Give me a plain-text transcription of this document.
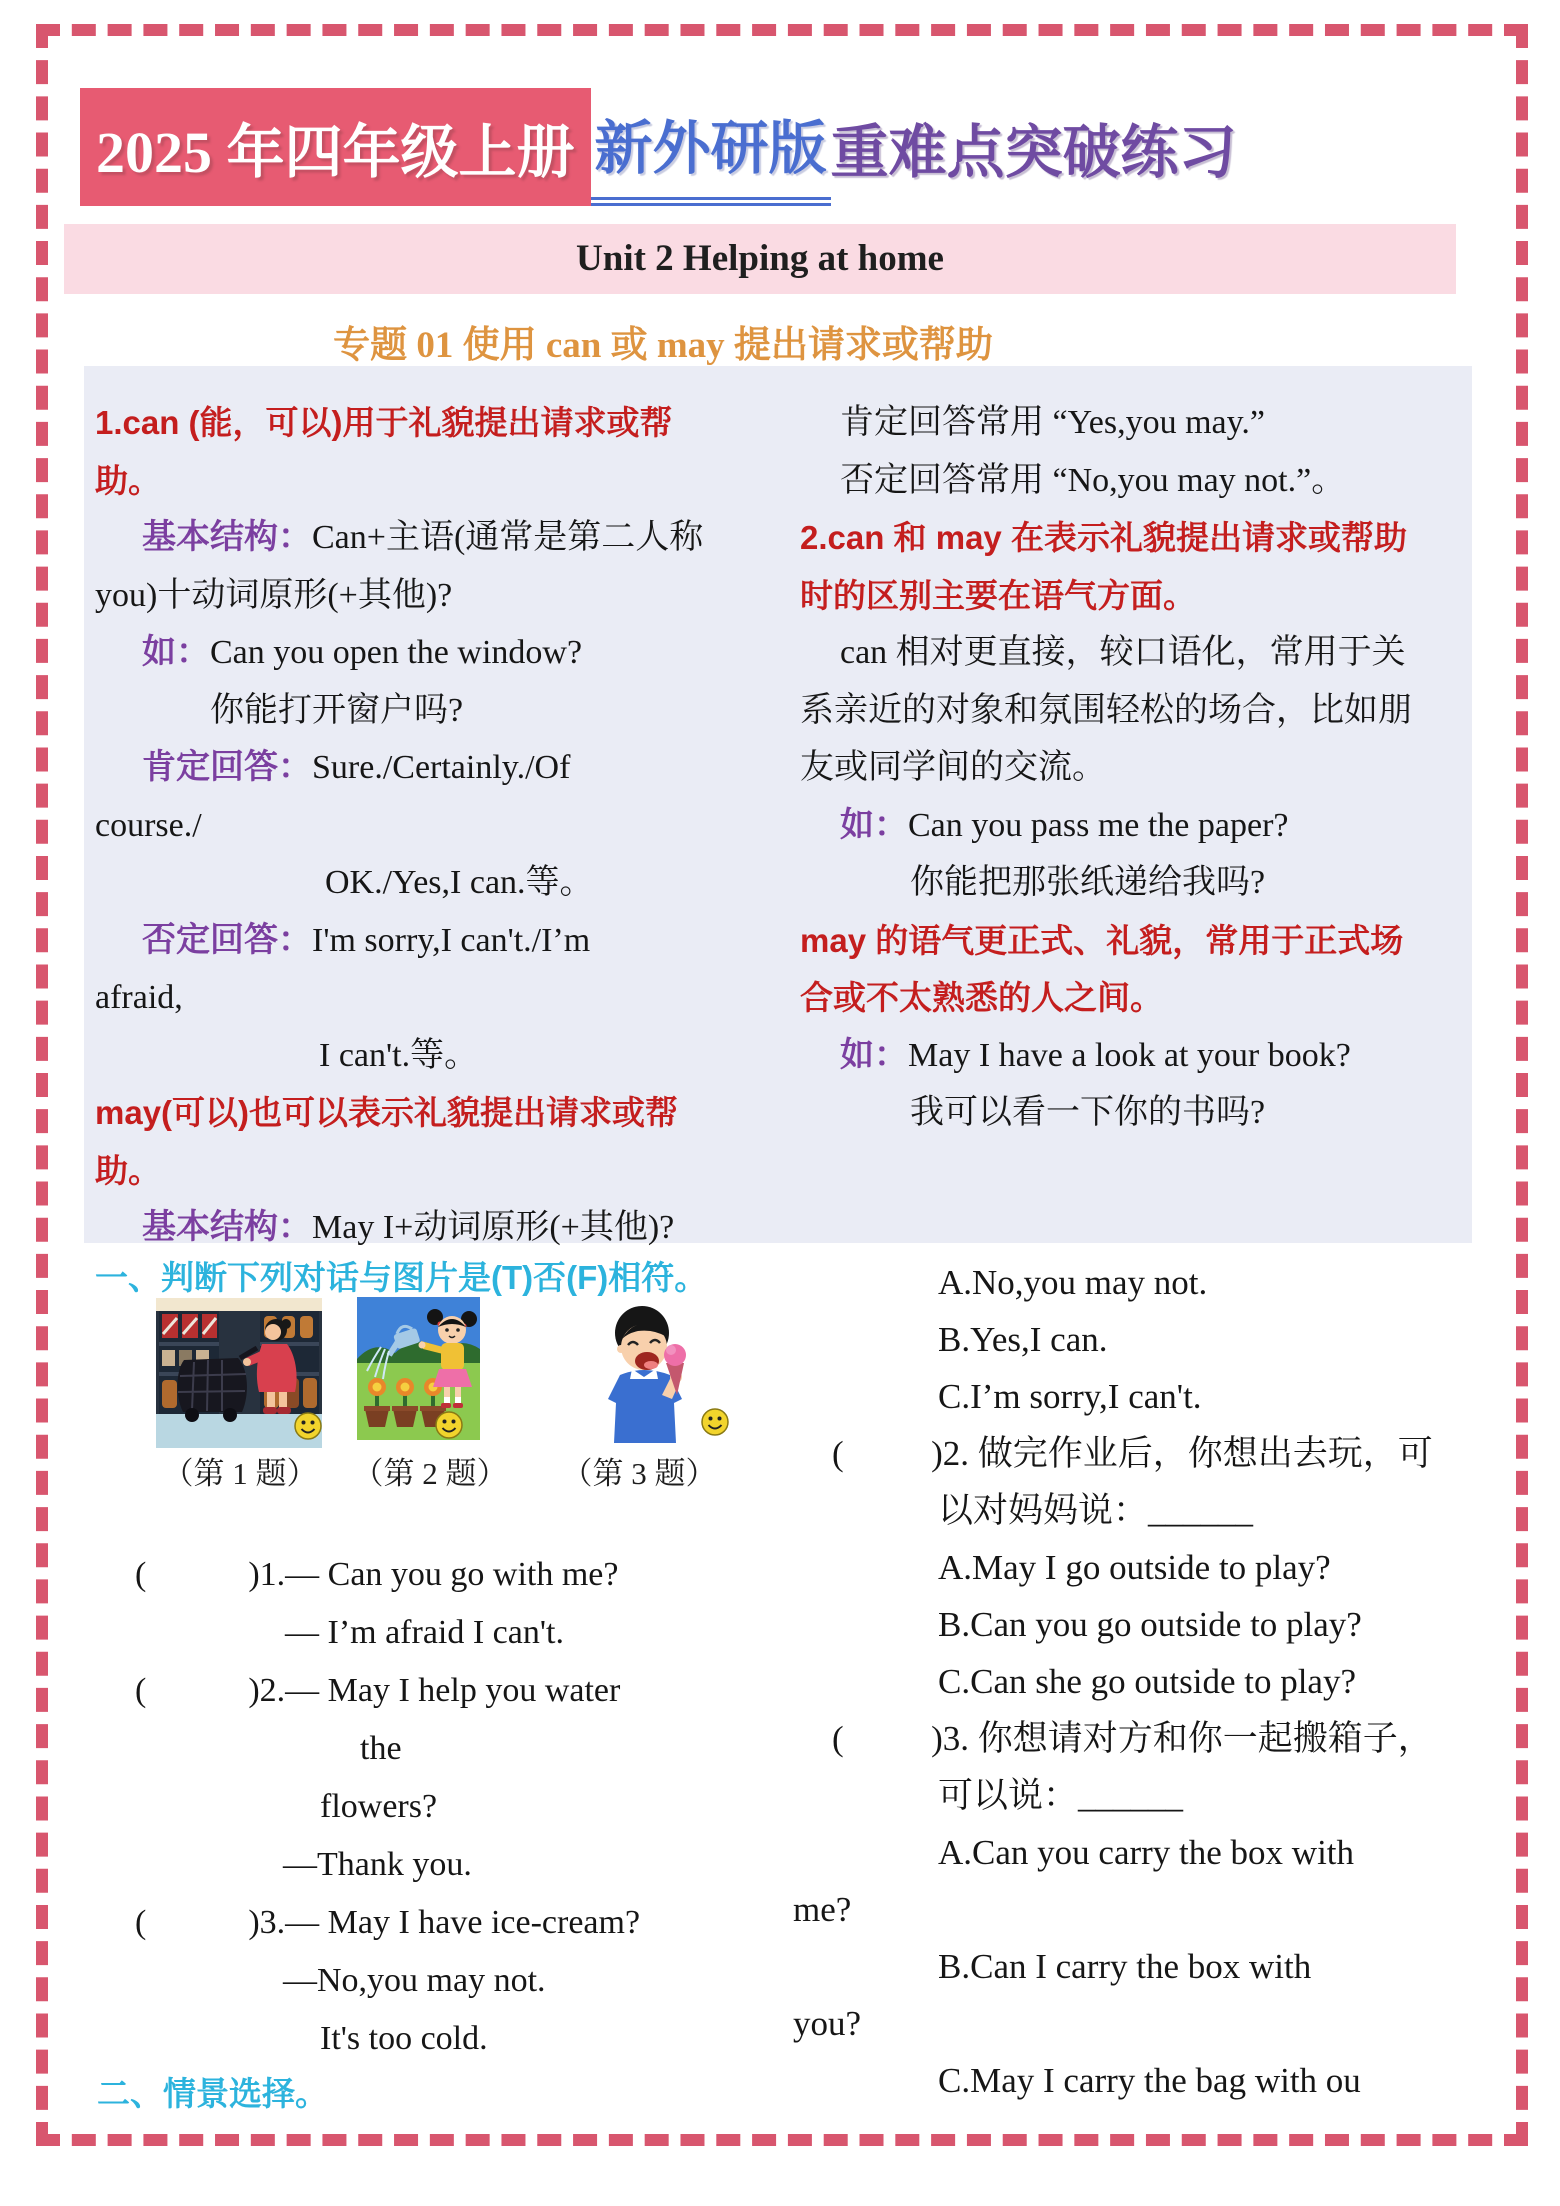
2025 年四年级上册 新外研版 重难点突破练习
Unit 2 Helping at home
专题 01 使用 can 或 may 提出请求或帮助
1.can (能，可以)用于礼貌提出请求或帮
助。
基本结构：Can+主语(通常是第二人称
you)十动词原形(+其他)?
如：Can you open the window?
你能打开窗户吗?
肯定回答：Sure./Certainly./Of
course./
OK./Yes,I can.等。
否定回答：I'm sorry,I can't./I’m
afraid,
I can't.等。
may(可以)也可以表示礼貌提出请求或帮
助。
基本结构：May I+动词原形(+其他)?
肯定回答常用 “Yes,you may.”
否定回答常用 “No,you may not.”。
2.can 和 may 在表示礼貌提出请求或帮助
时的区别主要在语气方面。
can 相对更直接，较口语化，常用于关
系亲近的对象和氛围轻松的场合，比如朋
友或同学间的交流。
如：Can you pass me the paper?
你能把那张纸递给我吗?
may 的语气更正式、礼貌，常用于正式场
合或不太熟悉的人之间。
如：May I have a look at your book?
我可以看一下你的书吗?
一、判断下列对话与图片是(T)否(F)相符。
（第 1 题）	（第 2 题）	（第 3 题）
(            )1.— Can you go with me?
— I’m afraid I can't.
(            )2.— May I help you water
the
flowers?
—Thank you.
(            )3.— May I have ice-cream?
—No,you may not.
It's too cold.
二、情景选择。
A.No,you may not.
B.Yes,I can.
C.I’m sorry,I can't.
(          )2. 做完作业后，你想出去玩，可
以对妈妈说：______
A.May I go outside to play?
B.Can you go outside to play?
C.Can she go outside to play?
(          )3. 你想请对方和你一起搬箱子，
可以说：______
A.Can you carry the box with
me?
B.Can I carry the box with
you?
C.May I carry the bag with ou
